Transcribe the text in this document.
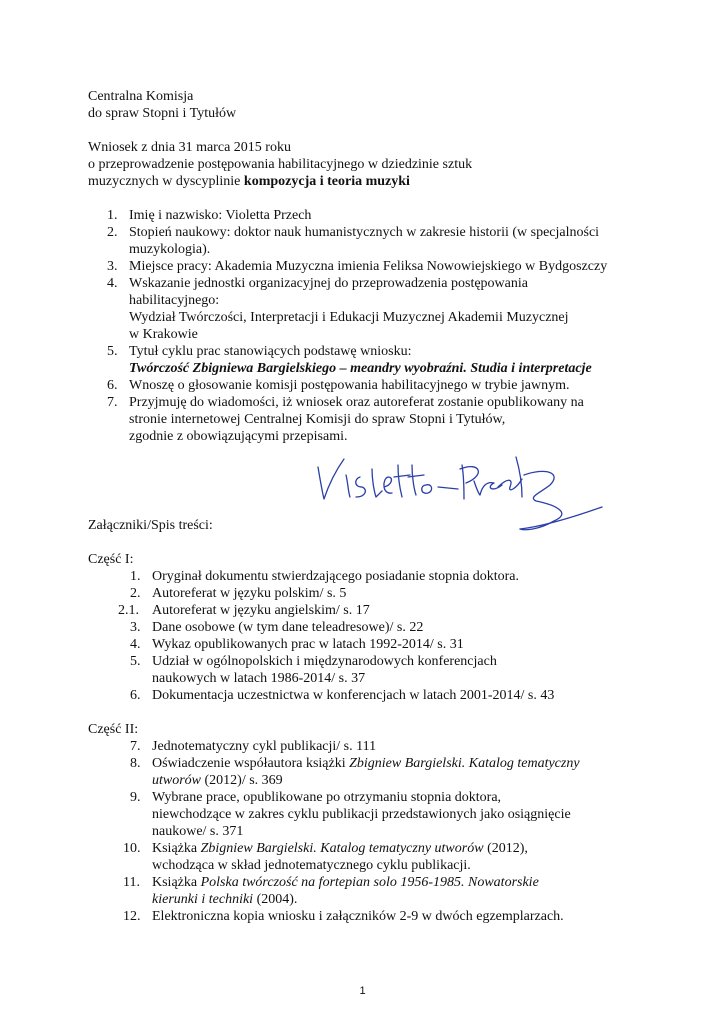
Centralna Komisja
do spraw Stopni i Tytułów
Wniosek z dnia 31 marca 2015 roku
o przeprowadzenie postępowania habilitacyjnego w dziedzinie sztuk
muzycznych w dyscyplinie kompozycja i teoria muzyki
1. Imię i nazwisko: Violetta Przech
2. Stopień naukowy: doktor nauk humanistycznych w zakresie historii (w specjalności
muzykologia).
3. Miejsce pracy: Akademia Muzyczna imienia Feliksa Nowowiejskiego w Bydgoszczy
4. Wskazanie jednostki organizacyjnej do przeprowadzenia postępowania
habilitacyjnego:
Wydział Twórczości, Interpretacji i Edukacji Muzycznej Akademii Muzycznej
w Krakowie
5. Tytuł cyklu prac stanowiących podstawę wniosku:
Twórczość Zbigniewa Bargielskiego – meandry wyobraźni. Studia i interpretacje
6. Wnoszę o głosowanie komisji postępowania habilitacyjnego w trybie jawnym.
7. Przyjmuję do wiadomości, iż wniosek oraz autoreferat zostanie opublikowany na
stronie internetowej Centralnej Komisji do spraw Stopni i Tytułów,
zgodnie z obowiązującymi przepisami.
Załączniki/Spis treści:
Część I:
1. Oryginał dokumentu stwierdzającego posiadanie stopnia doktora.
2. Autoreferat w języku polskim/ s. 5
2.1. Autoreferat w języku angielskim/ s. 17
3. Dane osobowe (w tym dane teleadresowe)/ s. 22
4. Wykaz opublikowanych prac w latach 1992-2014/ s. 31
5. Udział w ogólnopolskich i międzynarodowych konferencjach
naukowych w latach 1986-2014/ s. 37
6. Dokumentacja uczestnictwa w konferencjach w latach 2001-2014/ s. 43
Część II:
7. Jednotematyczny cykl publikacji/ s. 111
8. Oświadczenie współautora książki Zbigniew Bargielski. Katalog tematyczny
utworów (2012)/ s. 369
9. Wybrane prace, opublikowane po otrzymaniu stopnia doktora,
niewchodzące w zakres cyklu publikacji przedstawionych jako osiągnięcie
naukowe/ s. 371
10. Książka Zbigniew Bargielski. Katalog tematyczny utworów (2012),
wchodząca w skład jednotematycznego cyklu publikacji.
11. Książka Polska twórczość na fortepian solo 1956-1985. Nowatorskie
kierunki i techniki (2004).
12. Elektroniczna kopia wniosku i załączników 2-9 w dwóch egzemplarzach.
1
